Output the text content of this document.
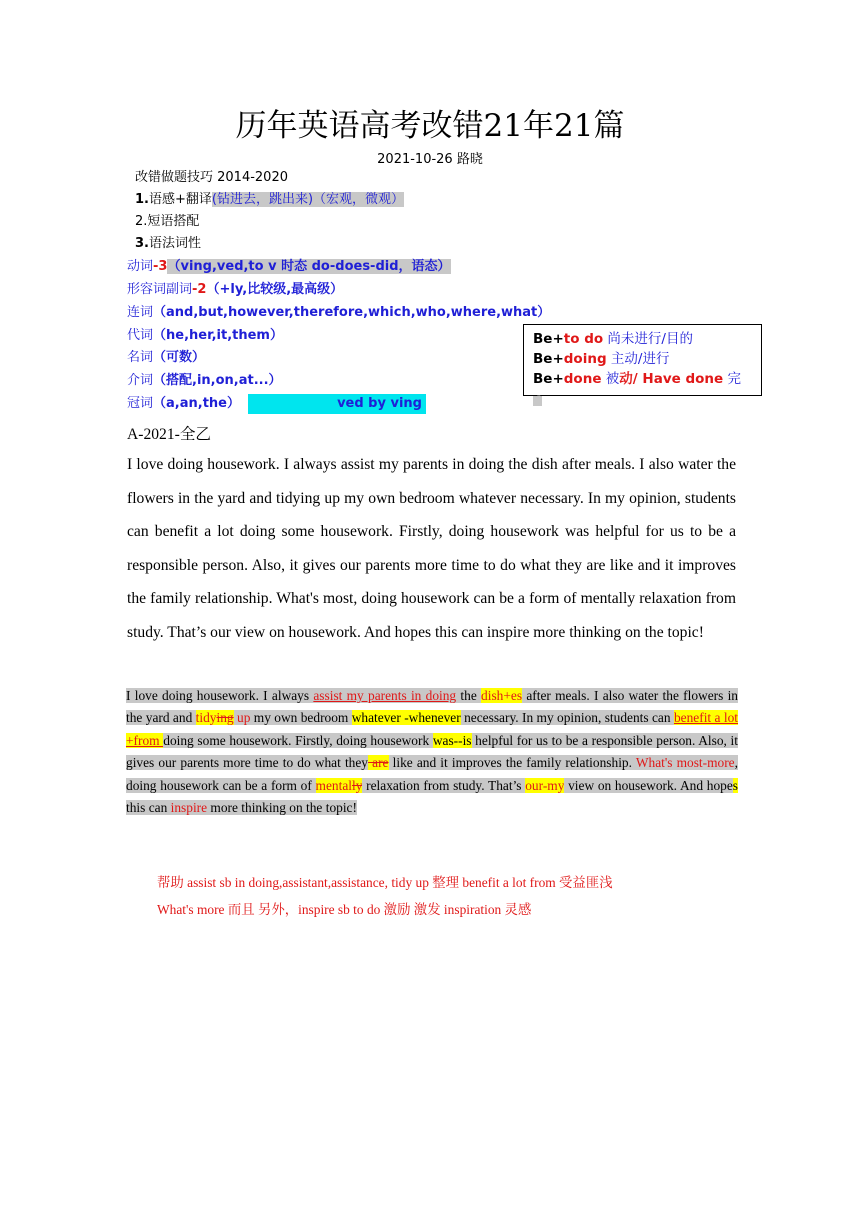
历年英语高考改错21年21篇
2021-10-26 路晓
改错做题技巧 2014-2020
1.语感+翻译(钻进去，跳出来)（宏观，微观）
2.短语搭配
3.语法词性
动词-3（ving,ved,to v 时态 do-does-did，语态）
形容词副词-2（+ly,比较级,最高级）
连词（and,but,however,therefore,which,who,where,what）
代词（he,her,it,them）
名词（可数）
介词（搭配,in,on,at...）
冠词（a,an,the）	ved by ving
Be+to do 尚未进行/目的
Be+doing 主动/进行
Be+done 被动/ Have done 完
成
A-2021-全乙
I love doing housework. I always assist my parents in doing the dish after meals. I also water the flowers in the yard and tidying up my own bedroom whatever necessary. In my opinion, students can benefit a lot doing some housework. Firstly, doing housework was helpful for us to be a responsible person. Also, it gives our parents more time to do what they are like and it improves the family relationship. What's most, doing housework can be a form of mentally relaxation from study. That’s our view on housework. And hopes this can inspire more thinking on the topic!
I love doing housework. I always assist my parents in doing the dish+es after meals. I also water the flowers in the yard and tidying up my own bedroom whatever -whenever necessary. In my opinion, students can benefit a lot +from doing some housework. Firstly, doing housework was--is helpful for us to be a responsible person. Also, it gives our parents more time to do what they are like and it improves the family relationship. What's most-more, doing housework can be a form of mentally relaxation from study. That’s our-my view on housework. And hopes this can inspire more thinking on the topic!
帮助 assist sb in doing,assistant,assistance, tidy up 整理 benefit a lot from 受益匪浅
What's more 而且 另外，inspire sb to do 激励 激发 inspiration 灵感
